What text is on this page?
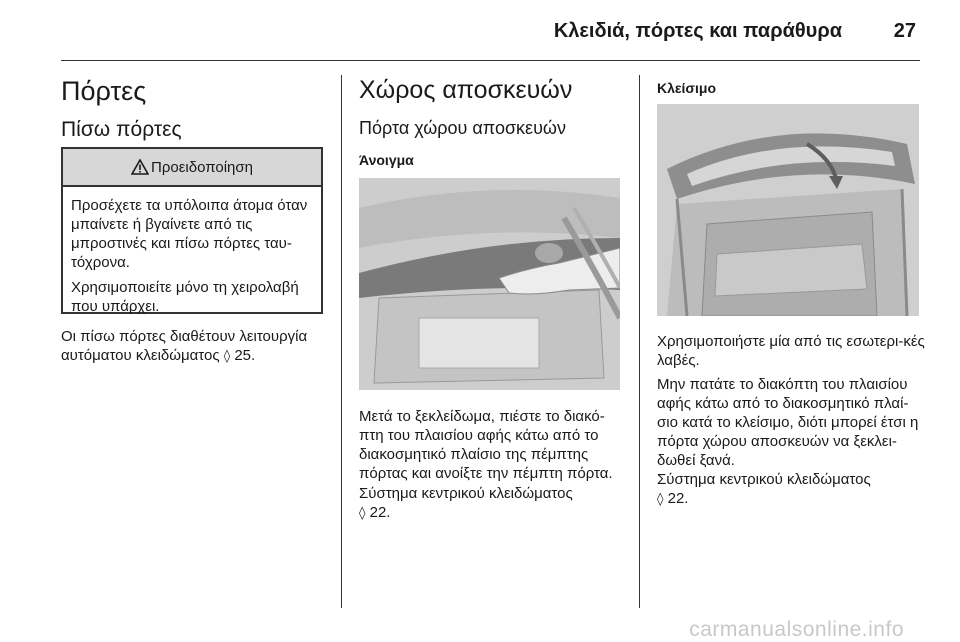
Κλειδιά, πόρτες και παράθυρα	27
Πόρτες
Πίσω πόρτες
Προειδοποίηση

Προσέχετε τα υπόλοιπα άτομα όταν μπαίνετε ή βγαίνετε από τις μπροστινές και πίσω πόρτες ταυ-τόχρονα.

Χρησιμοποιείτε μόνο τη χειρολαβή που υπάρχει.

Οι πίσω πόρτες διαθέτουν λειτουργία αυτόματου κλειδώματος ◊ 25.
Χώρος αποσκευών
Πόρτα χώρου αποσκευών
Άνοιγμα
Μετά το ξεκλείδωμα, πιέστε το διακό-πτη του πλαισίου αφής κάτω από το διακοσμητικό πλαίσιο της πέμπτης πόρτας και ανοίξτε την πέμπτη πόρτα.
Σύστημα κεντρικού κλειδώματος
◊ 22.
Κλείσιμο
Χρησιμοποιήστε μία από τις εσωτερι-κές λαβές.
Μην πατάτε το διακόπτη του πλαισίου αφής κάτω από το διακοσμητικό πλαί-σιο κατά το κλείσιμο, διότι μπορεί έτσι η πόρτα χώρου αποσκευών να ξεκλει-δωθεί ξανά.
Σύστημα κεντρικού κλειδώματος
◊ 22.
carmanualsonline.info
